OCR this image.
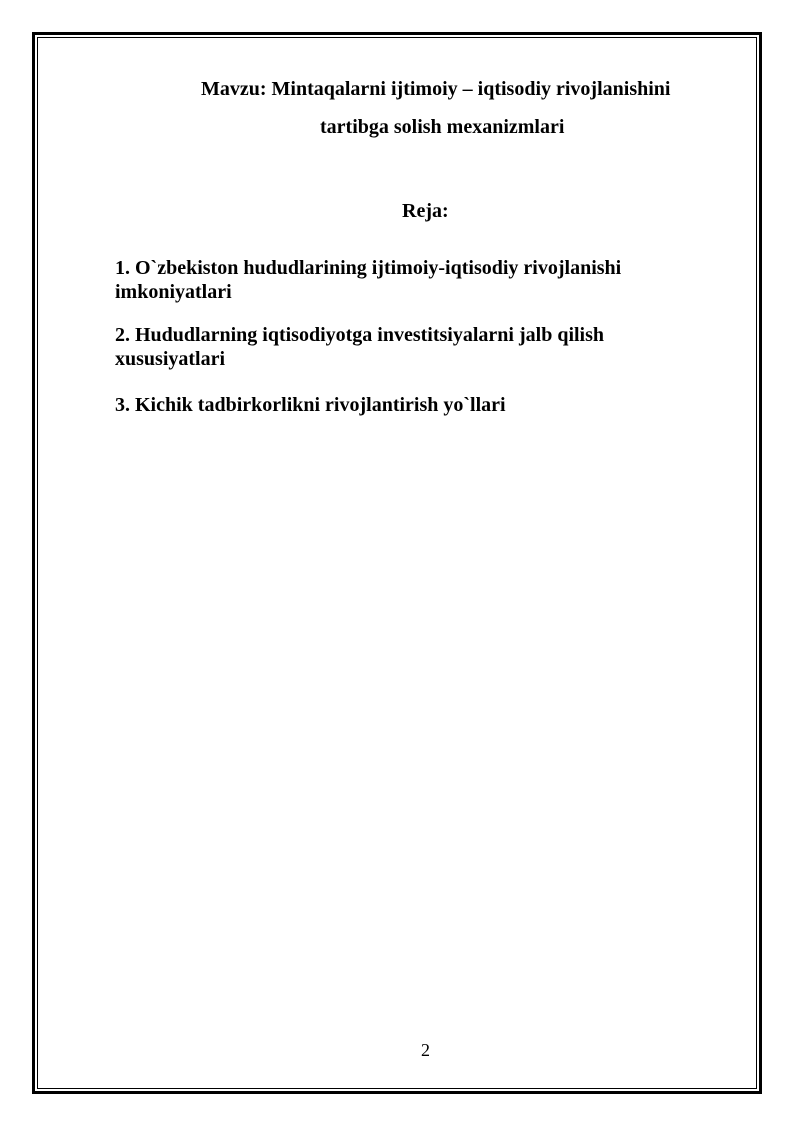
Mavzu: Mintaqalarni ijtimoiy – iqtisodiy rivojlanishini
tartibga solish mexanizmlari
Reja:
1. O`zbekiston hududlarining ijtimoiy-iqtisodiy rivojlanishi imkoniyatlari
2. Hududlarning iqtisodiyotga investitsiyalarni jalb qilish xususiyatlari
3. Kichik tadbirkorlikni rivojlantirish yo`llari
2
